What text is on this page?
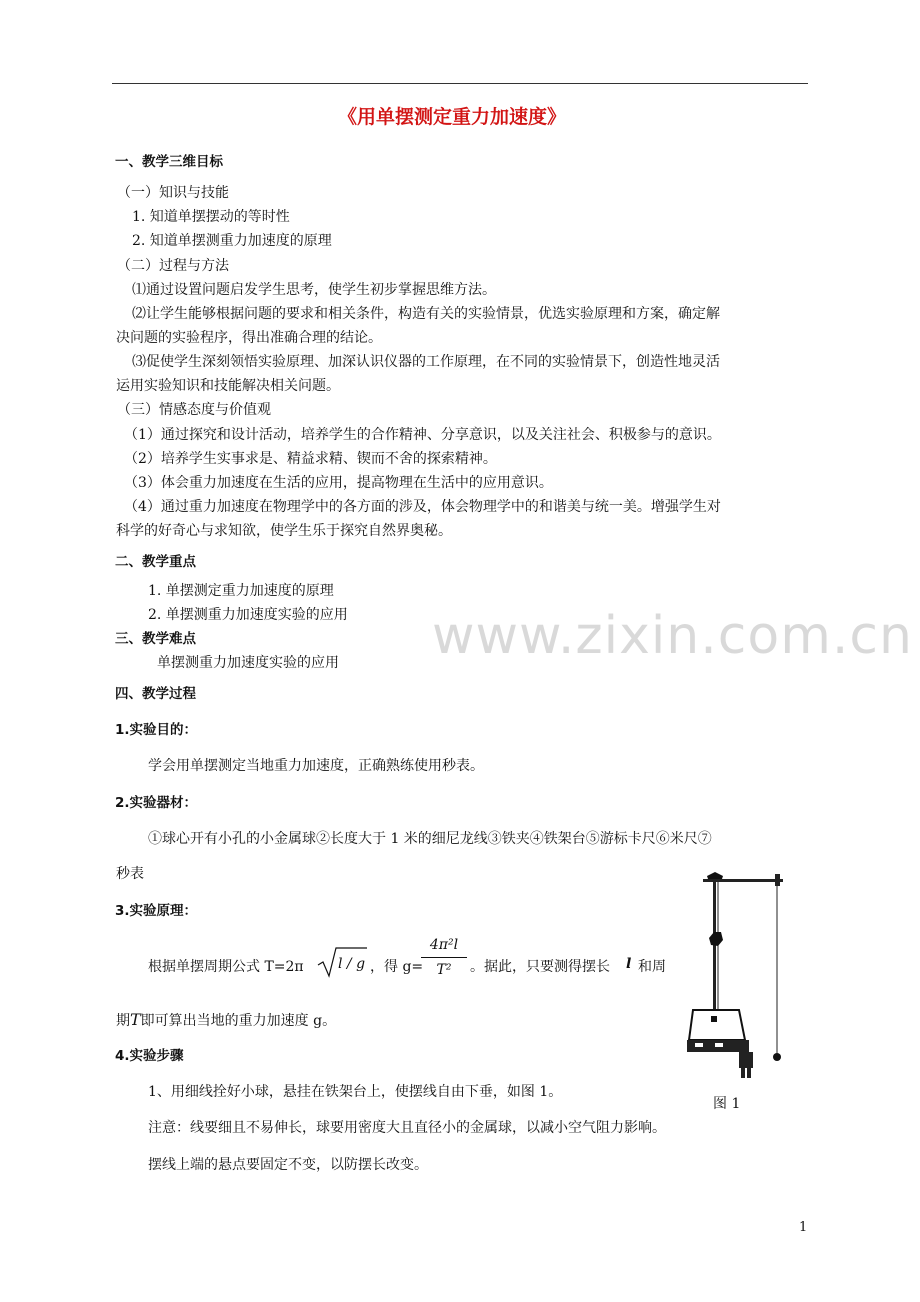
《用单摆测定重力加速度》
www.zixin.com.cn
一、教学三维目标
（一）知识与技能
1. 知道单摆摆动的等时性
2. 知道单摆测重力加速度的原理
（二）过程与方法
⑴通过设置问题启发学生思考，使学生初步掌握思维方法。
⑵让学生能够根据问题的要求和相关条件，构造有关的实验情景，优选实验原理和方案，确定解
决问题的实验程序，得出准确合理的结论。
⑶促使学生深刻领悟实验原理、加深认识仪器的工作原理，在不同的实验情景下，创造性地灵活
运用实验知识和技能解决相关问题。
（三）情感态度与价值观
（1）通过探究和设计活动，培养学生的合作精神、分享意识，以及关注社会、积极参与的意识。
（2）培养学生实事求是、精益求精、锲而不舍的探索精神。
（3）体会重力加速度在生活的应用，提高物理在生活中的应用意识。
（4）通过重力加速度在物理学中的各方面的涉及，体会物理学中的和谐美与统一美。增强学生对
科学的好奇心与求知欲，使学生乐于探究自然界奥秘。
二、教学重点
1. 单摆测定重力加速度的原理
2. 单摆测重力加速度实验的应用
三、教学难点
单摆测重力加速度实验的应用
四、教学过程
1.实验目的：
学会用单摆测定当地重力加速度，正确熟练使用秒表。
2.实验器材：
①球心开有小孔的小金属球②长度大于 1 米的细尼龙线③铁夹④铁架台⑤游标卡尺⑥米尺⑦
秒表
3.实验原理：
根据单摆周期公式 T=2π l / g ，得 g=
4π²l
T²	。据此，只要测得摆长 l 和周
期T即可算出当地的重力加速度 g。
4.实验步骤
1、用细线拴好小球，悬挂在铁架台上，使摆线自由下垂，如图 1。
注意：线要细且不易伸长，球要用密度大且直径小的金属球，以减小空气阻力影响。
摆线上端的悬点要固定不变，以防摆长改变。
图 1
1
